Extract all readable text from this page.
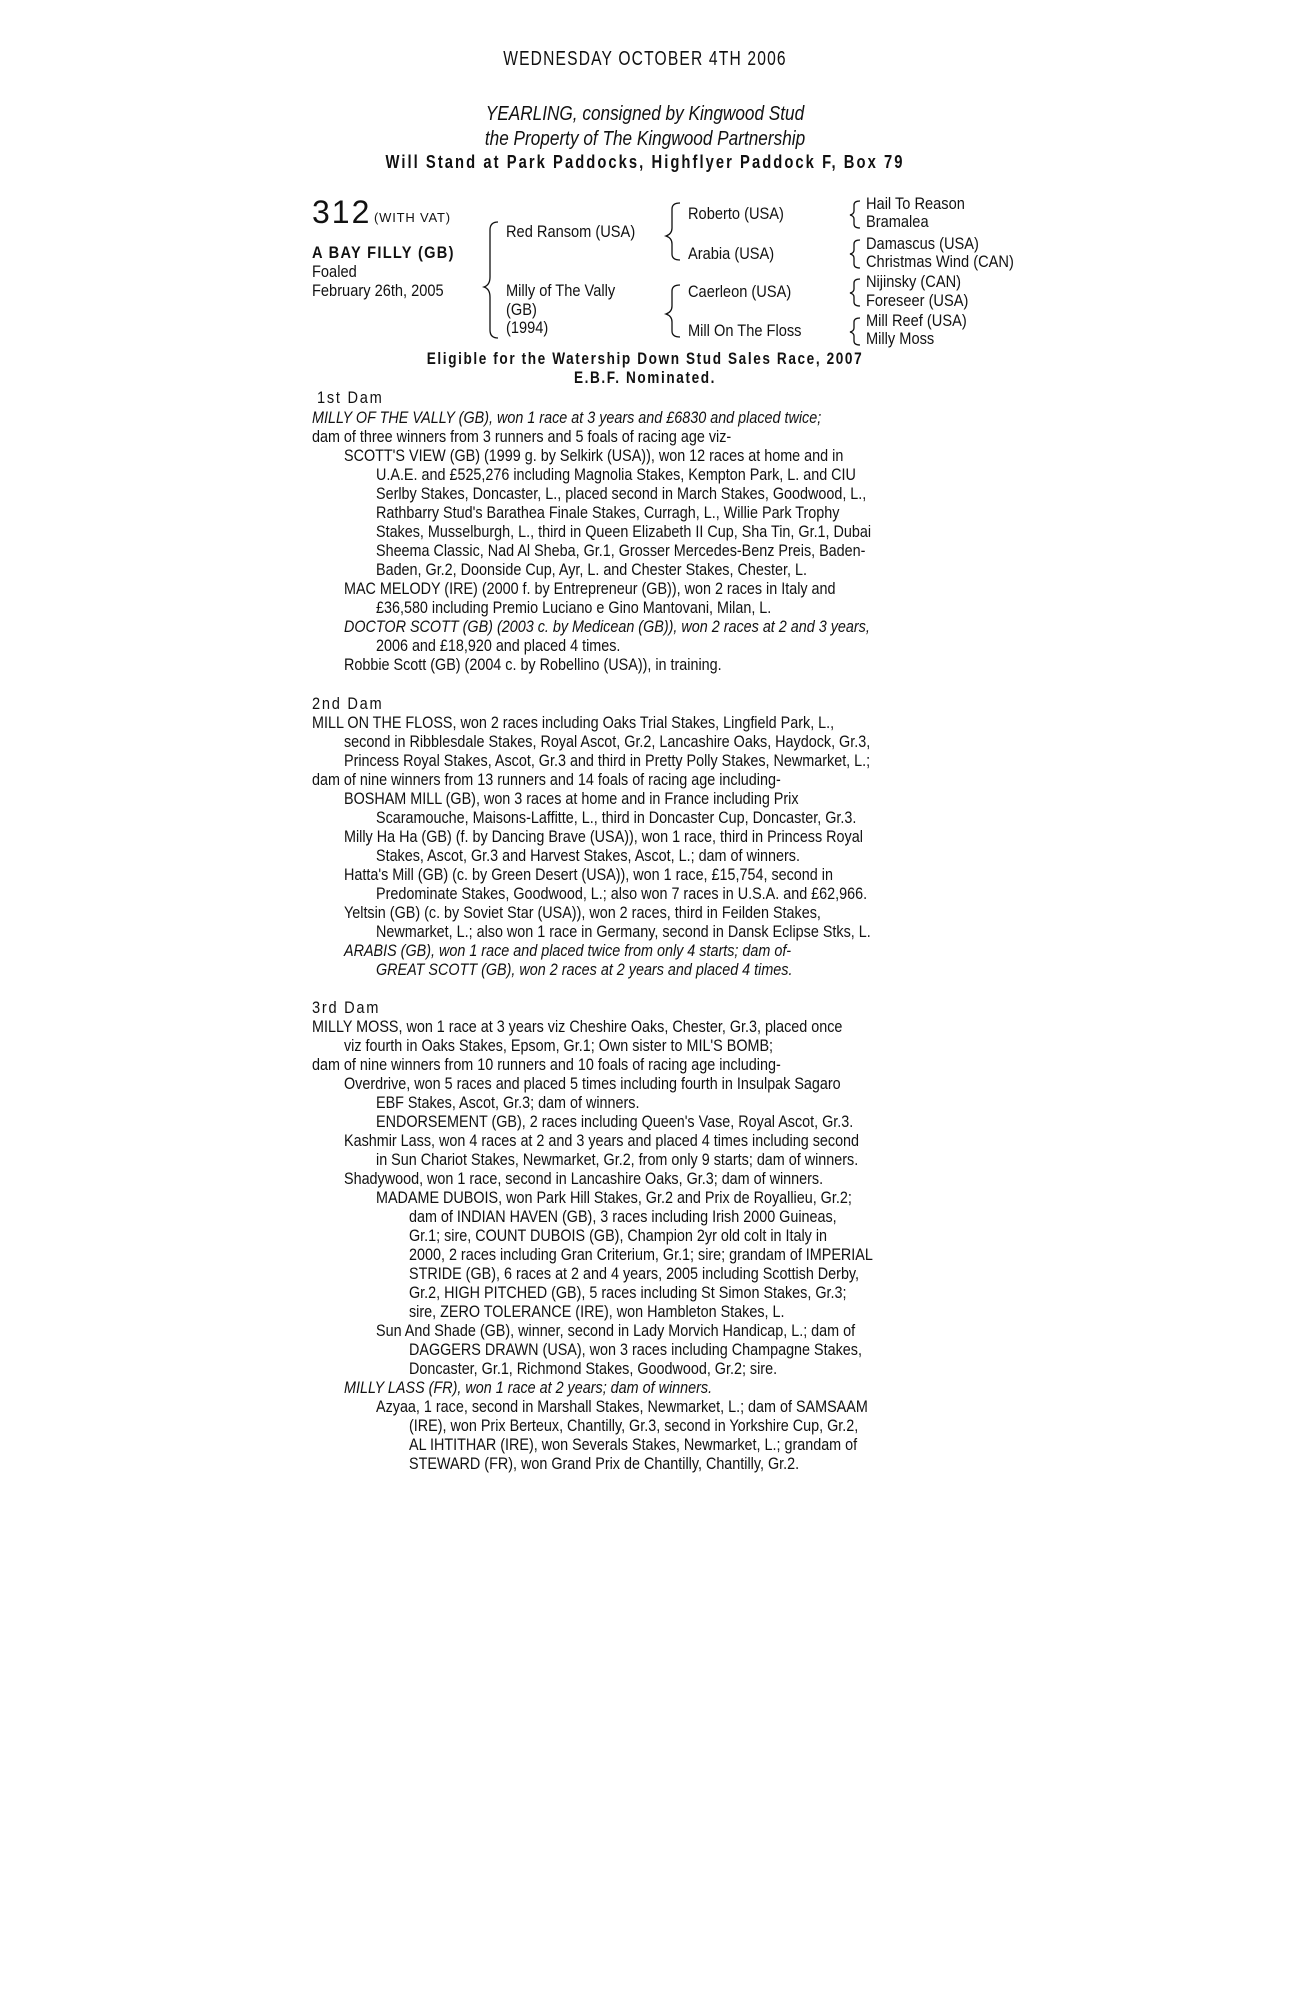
WEDNESDAY OCTOBER 4TH 2006
YEARLING, consigned by Kingwood Stud
the Property of The Kingwood Partnership
Will Stand at Park Paddocks, Highflyer Paddock F, Box 79
312 (WITH VAT)
A BAY FILLY (GB)
Foaled
February 26th, 2005
Red Ransom (USA)
Milly of The Vally
(GB)
(1994)
Roberto (USA)
Arabia (USA)
Caerleon (USA)
Mill On The Floss
Hail To Reason
Bramalea
Damascus (USA)
Christmas Wind (CAN)
Nijinsky (CAN)
Foreseer (USA)
Mill Reef (USA)
Milly Moss
Eligible for the Watership Down Stud Sales Race, 2007
E.B.F. Nominated.
1st Dam
MILLY OF THE VALLY (GB), won 1 race at 3 years and £6830 and placed twice;
dam of three winners from 3 runners and 5 foals of racing age viz-
SCOTT'S VIEW (GB) (1999 g. by Selkirk (USA)), won 12 races at home and in
U.A.E. and £525,276 including Magnolia Stakes, Kempton Park, L. and CIU
Serlby Stakes, Doncaster, L., placed second in March Stakes, Goodwood, L.,
Rathbarry Stud's Barathea Finale Stakes, Curragh, L., Willie Park Trophy
Stakes, Musselburgh, L., third in Queen Elizabeth II Cup, Sha Tin, Gr.1, Dubai
Sheema Classic, Nad Al Sheba, Gr.1, Grosser Mercedes-Benz Preis, Baden-
Baden, Gr.2, Doonside Cup, Ayr, L. and Chester Stakes, Chester, L.
MAC MELODY (IRE) (2000 f. by Entrepreneur (GB)), won 2 races in Italy and
£36,580 including Premio Luciano e Gino Mantovani, Milan, L.
DOCTOR SCOTT (GB) (2003 c. by Medicean (GB)), won 2 races at 2 and 3 years,
2006 and £18,920 and placed 4 times.
Robbie Scott (GB) (2004 c. by Robellino (USA)), in training.
2nd Dam
MILL ON THE FLOSS, won 2 races including Oaks Trial Stakes, Lingfield Park, L.,
second in Ribblesdale Stakes, Royal Ascot, Gr.2, Lancashire Oaks, Haydock, Gr.3,
Princess Royal Stakes, Ascot, Gr.3 and third in Pretty Polly Stakes, Newmarket, L.;
dam of nine winners from 13 runners and 14 foals of racing age including-
BOSHAM MILL (GB), won 3 races at home and in France including Prix
Scaramouche, Maisons-Laffitte, L., third in Doncaster Cup, Doncaster, Gr.3.
Milly Ha Ha (GB) (f. by Dancing Brave (USA)), won 1 race, third in Princess Royal
Stakes, Ascot, Gr.3 and Harvest Stakes, Ascot, L.; dam of winners.
Hatta's Mill (GB) (c. by Green Desert (USA)), won 1 race, £15,754, second in
Predominate Stakes, Goodwood, L.; also won 7 races in U.S.A. and £62,966.
Yeltsin (GB) (c. by Soviet Star (USA)), won 2 races, third in Feilden Stakes,
Newmarket, L.; also won 1 race in Germany, second in Dansk Eclipse Stks, L.
ARABIS (GB), won 1 race and placed twice from only 4 starts; dam of-
GREAT SCOTT (GB), won 2 races at 2 years and placed 4 times.
3rd Dam
MILLY MOSS, won 1 race at 3 years viz Cheshire Oaks, Chester, Gr.3, placed once
viz fourth in Oaks Stakes, Epsom, Gr.1; Own sister to MIL'S BOMB;
dam of nine winners from 10 runners and 10 foals of racing age including-
Overdrive, won 5 races and placed 5 times including fourth in Insulpak Sagaro
EBF Stakes, Ascot, Gr.3; dam of winners.
ENDORSEMENT (GB), 2 races including Queen's Vase, Royal Ascot, Gr.3.
Kashmir Lass, won 4 races at 2 and 3 years and placed 4 times including second
in Sun Chariot Stakes, Newmarket, Gr.2, from only 9 starts; dam of winners.
Shadywood, won 1 race, second in Lancashire Oaks, Gr.3; dam of winners.
MADAME DUBOIS, won Park Hill Stakes, Gr.2 and Prix de Royallieu, Gr.2;
dam of INDIAN HAVEN (GB), 3 races including Irish 2000 Guineas,
Gr.1; sire, COUNT DUBOIS (GB), Champion 2yr old colt in Italy in
2000, 2 races including Gran Criterium, Gr.1; sire; grandam of IMPERIAL
STRIDE (GB), 6 races at 2 and 4 years, 2005 including Scottish Derby,
Gr.2, HIGH PITCHED (GB), 5 races including St Simon Stakes, Gr.3;
sire, ZERO TOLERANCE (IRE), won Hambleton Stakes, L.
Sun And Shade (GB), winner, second in Lady Morvich Handicap, L.; dam of
DAGGERS DRAWN (USA), won 3 races including Champagne Stakes,
Doncaster, Gr.1, Richmond Stakes, Goodwood, Gr.2; sire.
MILLY LASS (FR), won 1 race at 2 years; dam of winners.
Azyaa, 1 race, second in Marshall Stakes, Newmarket, L.; dam of SAMSAAM
(IRE), won Prix Berteux, Chantilly, Gr.3, second in Yorkshire Cup, Gr.2,
AL IHTITHAR (IRE), won Severals Stakes, Newmarket, L.; grandam of
STEWARD (FR), won Grand Prix de Chantilly, Chantilly, Gr.2.
